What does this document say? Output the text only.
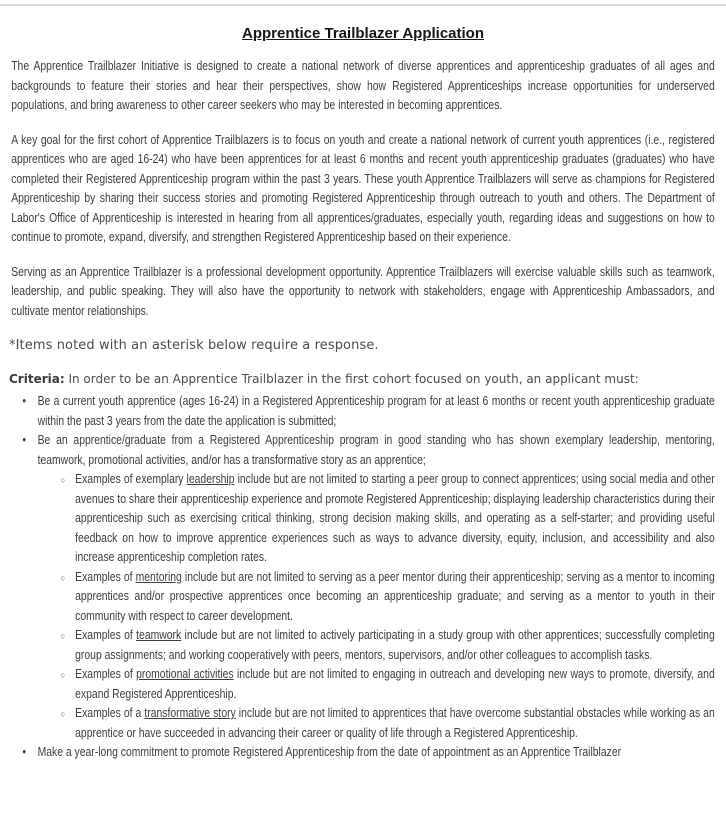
Apprentice Trailblazer Application

The Apprentice Trailblazer Initiative is designed to create a national network of diverse apprentices and apprenticeship graduates of all ages and backgrounds to feature their stories and hear their perspectives, show how Registered Apprenticeships increase opportunities for underserved populations, and bring awareness to other career seekers who may be interested in becoming apprentices.

A key goal for the first cohort of Apprentice Trailblazers is to focus on youth and create a national network of current youth apprentices (i.e., registered apprentices who are aged 16-24) who have been apprentices for at least 6 months and recent youth apprenticeship graduates (graduates) who have completed their Registered Apprenticeship program within the past 3 years. These youth Apprentice Trailblazers will serve as champions for Registered Apprenticeship by sharing their success stories and promoting Registered Apprenticeship through outreach to youth and others. The Department of Labor's Office of Apprenticeship is interested in hearing from all apprentices/graduates, especially youth, regarding ideas and suggestions on how to continue to promote, expand, diversify, and strengthen Registered Apprenticeship based on their experience.

Serving as an Apprentice Trailblazer is a professional development opportunity. Apprentice Trailblazers will exercise valuable skills such as teamwork, leadership, and public speaking. They will also have the opportunity to network with stakeholders, engage with Apprenticeship Ambassadors, and cultivate mentor relationships.

*Items noted with an asterisk below require a response.

Criteria: In order to be an Apprentice Trailblazer in the first cohort focused on youth, an applicant must:

• Be a current youth apprentice (ages 16-24) in a Registered Apprenticeship program for at least 6 months or recent youth apprenticeship graduate within the past 3 years from the date the application is submitted;
• Be an apprentice/graduate from a Registered Apprenticeship program in good standing who has shown exemplary leadership, mentoring, teamwork, promotional activities, and/or has a transformative story as an apprentice;
○ Examples of exemplary leadership include but are not limited to starting a peer group to connect apprentices; using social media and other avenues to share their apprenticeship experience and promote Registered Apprenticeship; displaying leadership characteristics during their apprenticeship such as exercising critical thinking, strong decision making skills, and operating as a self-starter; and providing useful feedback on how to improve apprentice experiences such as ways to advance diversity, equity, inclusion, and accessibility and also increase apprenticeship completion rates.
○ Examples of mentoring include but are not limited to serving as a peer mentor during their apprenticeship; serving as a mentor to incoming apprentices and/or prospective apprentices once becoming an apprenticeship graduate; and serving as a mentor to youth in their community with respect to career development.
○ Examples of teamwork include but are not limited to actively participating in a study group with other apprentices; successfully completing group assignments; and working cooperatively with peers, mentors, supervisors, and/or other colleagues to accomplish tasks.
○ Examples of promotional activities include but are not limited to engaging in outreach and developing new ways to promote, diversify, and expand Registered Apprenticeship.
○ Examples of a transformative story include but are not limited to apprentices that have overcome substantial obstacles while working as an apprentice or have succeeded in advancing their career or quality of life through a Registered Apprenticeship.
• Make a year-long commitment to promote Registered Apprenticeship from the date of appointment as an Apprentice Trailblazer
